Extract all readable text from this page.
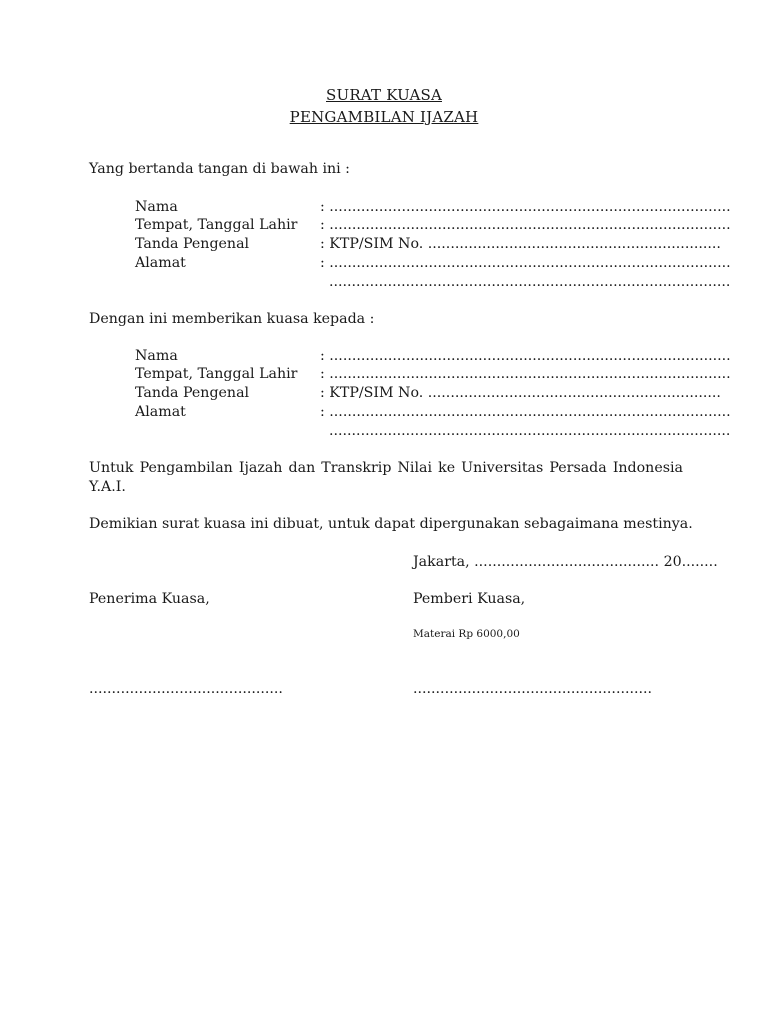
SURAT KUASA
PENGAMBILAN IJAZAH
Yang bertanda tangan di bawah ini :
Nama	: .........................................................................................
Tempat, Tanggal Lahir : .........................................................................................
Tanda Pengenal	: KTP/SIM No. .................................................................
Alamat	: .........................................................................................
.........................................................................................
Dengan ini memberikan kuasa kepada :
Nama	: .........................................................................................
Tempat, Tanggal Lahir : .........................................................................................
Tanda Pengenal	: KTP/SIM No. .................................................................
Alamat	: .........................................................................................
.........................................................................................
Untuk Pengambilan Ijazah dan Transkrip Nilai ke Universitas Persada Indonesia Y.A.I.
Demikian surat kuasa ini dibuat, untuk dapat dipergunakan sebagaimana mestinya.
Jakarta, ......................................... 20........
Penerima Kuasa,	Pemberi Kuasa,
Materai Rp 6000,00
...........................................	.....................................................
